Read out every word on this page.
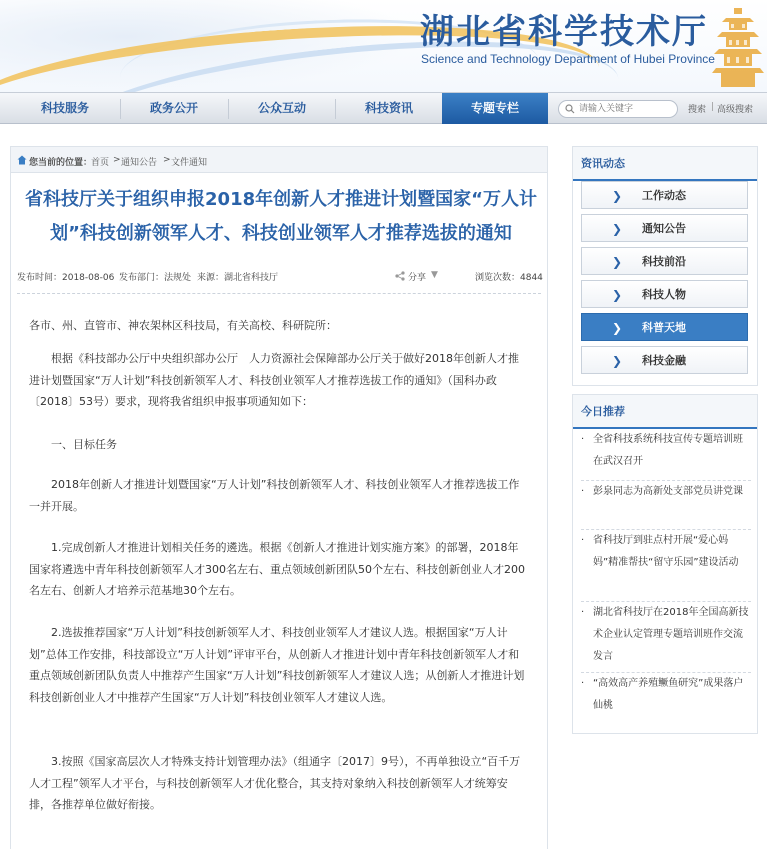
湖北省科学技术厅
Science and Technology Department of Hubei Province
科技服务	政务公开	公众互动	科技资讯	专题专栏
请输入关键字	搜索 | 高级搜索
您当前的位置：
首页 > 通知公告 > 文件通知
省科技厅关于组织申报2018年创新人才推进计划暨国家“万人计划”科技创新领军人才、科技创业领军人才推荐选拔的通知
发布时间：2018-08-06 发布部门：法规处 来源：湖北省科技厅	分享 ▼	浏览次数：4844

各市、州、直管市、神农架林区科技局，有关高校、科研院所：

　　根据《科技部办公厅中央组织部办公厅　人力资源社会保障部办公厅关于做好2018年创新人才推进计划暨国家“万人计划”科技创新领军人才、科技创业领军人才推荐选拔工作的通知》（国科办政〔2018〕53号）要求，现将我省组织申报事项通知如下：

　　一、目标任务

　　2018年创新人才推进计划暨国家“万人计划”科技创新领军人才、科技创业领军人才推荐选拔工作一并开展。

　　1.完成创新人才推进计划相关任务的遴选。根据《创新人才推进计划实施方案》的部署，2018年国家将遴选中青年科技创新领军人才300名左右、重点领域创新团队50个左右、科技创新创业人才200名左右、创新人才培养示范基地30个左右。

　　2.选拔推荐国家“万人计划”科技创新领军人才、科技创业领军人才建议人选。根据国家“万人计划”总体工作安排，科技部设立“万人计划”评审平台，从创新人才推进计划中青年科技创新领军人才和重点领域创新团队负责人中推荐产生国家“万人计划”科技创新领军人才建议人选；从创新人才推进计划科技创新创业人才中推荐产生国家“万人计划”科技创业领军人才建议人选。

　　3.按照《国家高层次人才特殊支持计划管理办法》（组通字〔2017〕9号），不再单独设立“百千万人才工程”领军人才平台，与科技创新领军人才优化整合，其支持对象纳入科技创新领军人才统筹安排，各推荐单位做好衔接。

资讯动态
❯ 工作动态
❯ 通知公告
❯ 科技前沿
❯ 科技人物
❯ 科普天地
❯ 科技金融
今日推荐
· 全省科技系统科技宣传专题培训班在武汉召开
· 彭泉同志为高新处支部党员讲党课
· 省科技厅到驻点村开展“爱心妈妈”精准帮扶“留守乐园”建设活动
· 湖北省科技厅在2018年全国高新技术企业认定管理专题培训班作交流发言
· “高效高产养殖鳜鱼研究”成果落户仙桃
